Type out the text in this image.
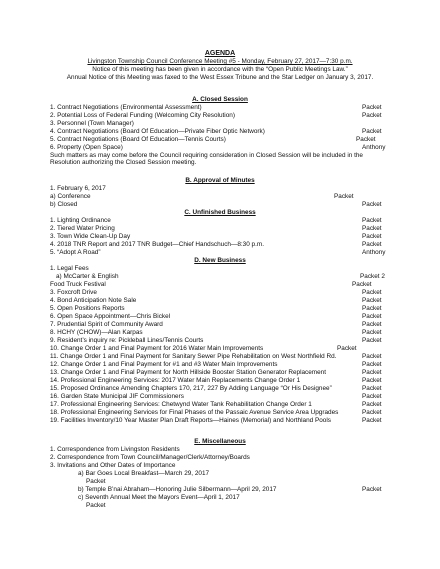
AGENDA
Livingston Township Council Conference Meeting #5 - Monday, February 27, 2017—7:30 p.m.
Notice of this meeting has been given in accordance with the “Open Public Meetings Law.”
Annual Notice of this Meeting was faxed to the West Essex Tribune and the Star Ledger on January 3, 2017.
A. Closed Session
1. Contract Negotiations (Environmental Assessment)	Packet
2. Potential Loss of Federal Funding (Welcoming City Resolution)	Packet
3. Personnel (Town Manager)
4. Contract Negotiations (Board Of Education—Private Fiber Optic Network)	Packet
5. Contract Negotiations (Board Of Education—Tennis Courts)	Packet
6. Property (Open Space)	Anthony
Such matters as may come before the Council requiring consideration in Closed Session will be included in the Resolution authorizing the Closed Session meeting.
B. Approval of Minutes
1. February 6, 2017
a) Conference	Packet
b) Closed	Packet
C. Unfinished Business
1. Lighting Ordinance	Packet
2. Tiered Water Pricing	Packet
3. Town Wide Clean-Up Day	Packet
4. 2018 TNR Report and 2017 TNR Budget—Chief Handschuch—8:30 p.m.	Packet
5. “Adopt A Road”	Anthony
D. New Business
1. Legal Fees
a) McCarter & English	Packet 2
Food Truck Festival	Packet
3. Foxcroft Drive	Packet
4. Bond Anticipation Note Sale	Packet
5. Open Positions Reports	Packet
6. Open Space Appointment—Chris Bickel	Packet
7. Prudential Spirit of Community Award	Packet
8. HCHY (CHOW)—Alan Karpas	Packet
9. Resident’s inquiry re: Pickleball Lines/Tennis Courts	Packet
10. Change Order 1 and Final Payment for 2016 Water Main Improvements	Packet
11. Change Order 1 and Final Payment for Sanitary Sewer Pipe Rehabilitation on West Northfield Rd.	Packet
12. Change Order 1 and Final Payment for #1 and #3 Water Main Improvements	Packet
13. Change Order 1 and Final Payment for North Hillside Booster Station Generator Replacement	Packet
14. Professional Engineering Services: 2017 Water Main Replacements Change Order 1	Packet
15. Proposed Ordinance Amending Chapters 170, 217, 227 By Adding Language “Or His Designee”	Packet
16. Garden State Municipal JIF Commissioners	Packet
17. Professional Engineering Services: Chetwynd Water Tank Rehabilitation Change Order 1	Packet
18. Professional Engineering Services for Final Phases of the Passaic Avenue Service Area Upgrades	Packet
19. Facilities Inventory/10 Year Master Plan Draft Reports—Haines (Memorial) and Northland Pools	Packet
E. Miscellaneous
1. Correspondence from Livingston Residents
2. Correspondence from Town Council/Manager/Clerk/Attorney/Boards
3. Invitations and Other Dates of Importance
a) Bar Goes Local Breakfast—March 29, 2017
Packet
b) Temple B’nai Abraham—Honoring Julie Silbermann—April 29, 2017	Packet
c) Seventh Annual Meet the Mayors Event—April 1, 2017
Packet
